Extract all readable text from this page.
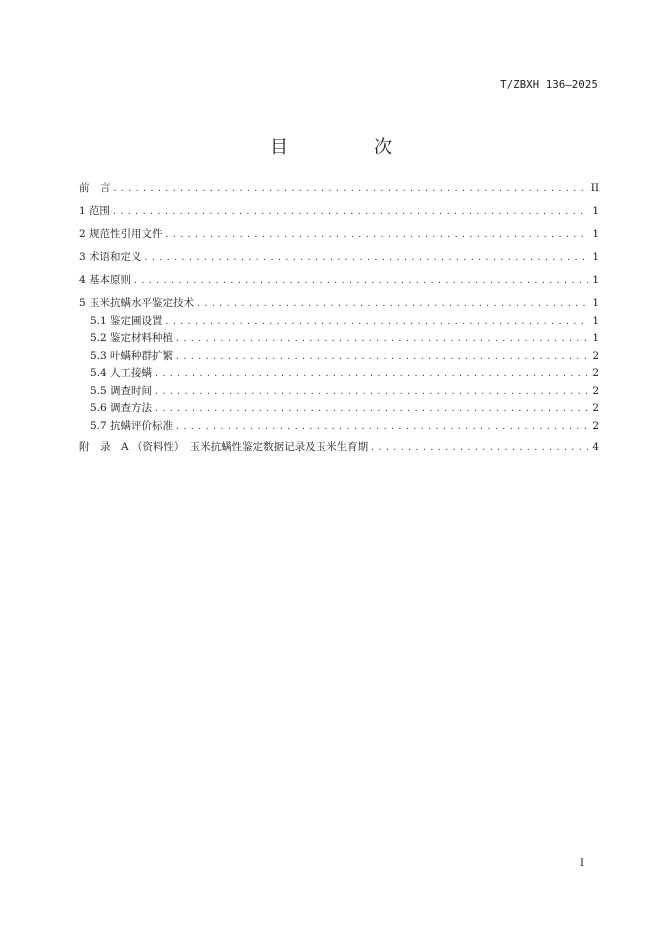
T/ZBXH 136—2025
目　次
前　言 .....	II
1 范围 .....	1
2 规范性引用文件 .....	1
3 术语和定义 .....	1
4 基本原则 .....	1
5 玉米抗螨水平鉴定技术 .....	1
5.1 鉴定圃设置 .....	1
5.2 鉴定材料种植 .....	1
5.3 叶螨种群扩繁 .....	2
5.4 人工接螨 .....	2
5.5 调查时间 .....	2
5.6 调查方法 .....	2
5.7 抗螨评价标准 .....	2
附　录　A （资料性）　玉米抗螨性鉴定数据记录及玉米生育期 .....	4
I
